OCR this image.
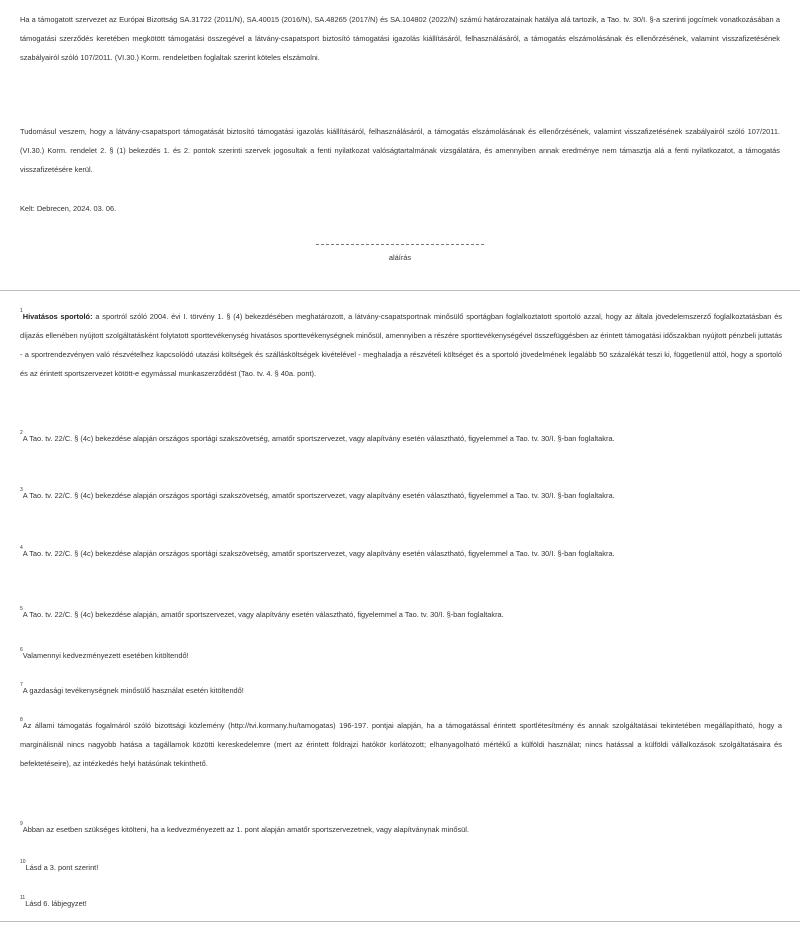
Ha a támogatott szervezet az Európai Bizottság SA.31722 (2011/N), SA.40015 (2016/N), SA.48265 (2017/N) és SA.104802 (2022/N) számú határozatainak hatálya alá tartozik, a Tao. tv. 30/I. §-a szerinti jogcímek vonatkozásában a támogatási szerződés keretében megkötött támogatási összegével a látvány-csapatsport biztosító támogatási igazolás kiállításáról, felhasználásáról, a támogatás elszámolásának és ellenőrzésének, valamint visszafizetésének szabályairól szóló 107/2011. (VI.30.) Korm. rendeletben foglaltak szerint köteles elszámolni.

Tudomásul veszem, hogy a látvány-csapatsport támogatását biztosító támogatási igazolás kiállításáról, felhasználásáról, a támogatás elszámolásának és ellenőrzésének, valamint visszafizetésének szabályairól szóló 107/2011. (VI.30.) Korm. rendelet 2. § (1) bekezdés 1. és 2. pontok szerinti szervek jogosultak a fenti nyilatkozat valóságtartalmának vizsgálatára, és amennyiben annak eredménye nem támasztja alá a fenti nyilatkozatot, a támogatás visszafizetésére kerül.

Kelt: Debrecen, 2024. 03. 06.

aláírás

$^1$Hivatásos sportoló: a sportról szóló 2004. évi I. törvény 1. § (4) bekezdésében meghatározott, a látvány-csapatsportnak minősülő sportágban foglalkoztatott sportoló azzal, hogy az általa jövedelemszerző foglalkoztatásban és díjazás ellenében nyújtott szolgáltatásként folytatott sporttevékenység hivatásos sporttevékenységnek minősül, amennyiben a részére sporttevékenységével összefüggésben az érintett támogatási időszakban nyújtott pénzbeli juttatás - a sportrendezvényen való részvételhez kapcsolódó utazási költségek és szállásköltségek kivételével - meghaladja a részvételi költséget és a sportoló jövedelmének legalább 50 százalékát teszi ki, függetlenül attól, hogy a sportoló és az érintett sportszervezet kötött-e egymással munkaszerződést (Tao. tv. 4. § 40a. pont).

$^2$A Tao. tv. 22/C. § (4c) bekezdése alapján országos sportági szakszövetség, amatőr sportszervezet, vagy alapítvány esetén választható, figyelemmel a Tao. tv. 30/I. §-ban foglaltakra.

$^3$A Tao. tv. 22/C. § (4c) bekezdése alapján országos sportági szakszövetség, amatőr sportszervezet, vagy alapítvány esetén választható, figyelemmel a Tao. tv. 30/I. §-ban foglaltakra.

$^4$A Tao. tv. 22/C. § (4c) bekezdése alapján országos sportági szakszövetség, amatőr sportszervezet, vagy alapítvány esetén választható, figyelemmel a Tao. tv. 30/I. §-ban foglaltakra.

$^5$A Tao. tv. 22/C. § (4c) bekezdése alapján, amatőr sportszervezet, vagy alapítvány esetén választható, figyelemmel a Tao. tv. 30/I. §-ban foglaltakra.

$^6$Valamennyi kedvezményezett esetében kitöltendő!

$^7$A gazdasági tevékenységnek minősülő használat esetén kitöltendő!

$^8$Az állami támogatás fogalmáról szóló bizottsági közlemény (http://tvi.kormany.hu/tamogatas) 196-197. pontjai alapján, ha a támogatással érintett sportlétesítmény és annak szolgáltatásai tekintetében megállapítható, hogy a marginálisnál nincs nagyobb hatása a tagállamok közötti kereskedelemre (mert az érintett földrajzi hatókör korlátozott; elhanyagolható mértékű a külföldi használat; nincs hatással a külföldi vállalkozások szolgáltatásaira és befektetéseire), az intézkedés helyi hatásúnak tekinthető.

$^9$Abban az esetben szükséges kitölteni, ha a kedvezményezett az 1. pont alapján amatőr sportszervezetnek, vagy alapítványnak minősül.

$^{10}$Lásd a 3. pont szerint!

$^{11}$Lásd 6. lábjegyzet!
